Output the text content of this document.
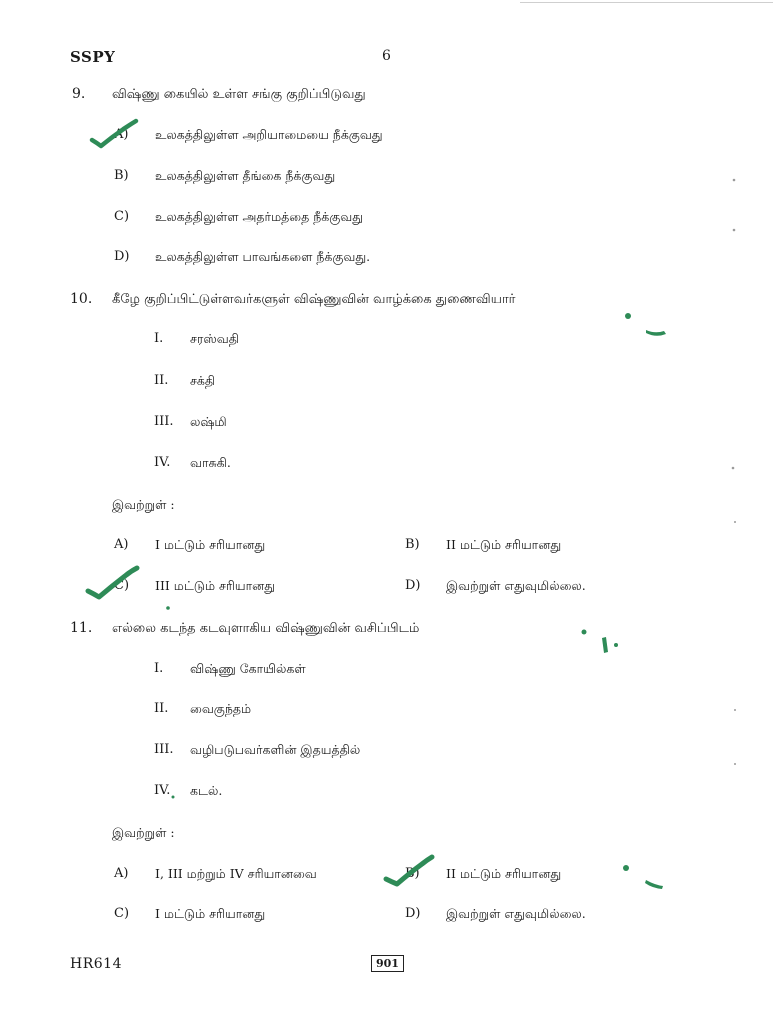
SSPY	6
9. விஷ்ணு கையில் உள்ள சங்கு குறிப்பிடுவது
A) உலகத்திலுள்ள அறியாமையை நீக்குவது
B) உலகத்திலுள்ள தீங்கை நீக்குவது
C) உலகத்திலுள்ள அதர்மத்தை நீக்குவது
D) உலகத்திலுள்ள பாவங்களை நீக்குவது.
10. கீழே குறிப்பிட்டுள்ளவர்களுள் விஷ்ணுவின் வாழ்க்கை துணைவியார்
I. சரஸ்வதி
II. சக்தி
III. லஷ்மி
IV. வாசுகி.
இவற்றுள் :
A) I மட்டும் சரியானது	B) II மட்டும் சரியானது
C) III மட்டும் சரியானது	D) இவற்றுள் எதுவுமில்லை.
11. எல்லை கடந்த கடவுளாகிய விஷ்ணுவின் வசிப்பிடம்
I. விஷ்ணு கோயில்கள்
II. வைகுந்தம்
III. வழிபடுபவர்களின் இதயத்தில்
IV. கடல்.
இவற்றுள் :
A) I, III மற்றும் IV சரியானவை	B) II மட்டும் சரியானது
C) I மட்டும் சரியானது	D) இவற்றுள் எதுவுமில்லை.
HR614	901
